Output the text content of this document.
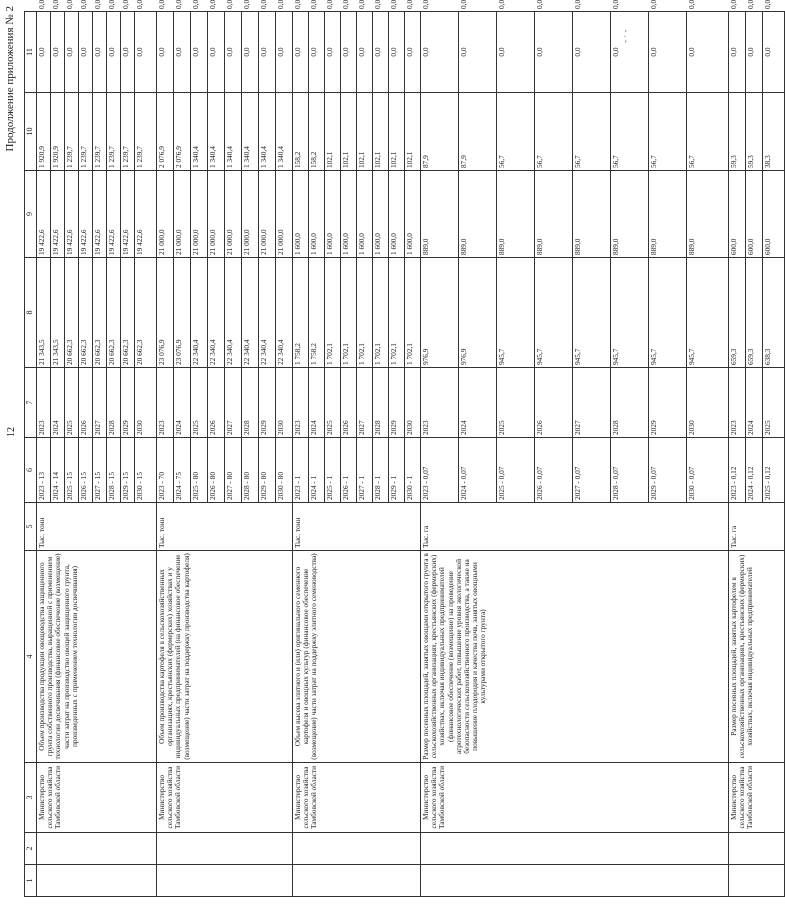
12
Продолжение приложения № 2	- · -
1	2	3	4	5	6	7	8	9	10	11	
		Министерство сельского хозяйства Тамбовской области	Объем производства продукции овощеводства защищенного грунта собственного производства, выращенной с применением технологии досвечивания (финансовое обеспечение (возмещение) части затрат на производство овощей защищенного грунта, произведенных с применением технологии досвечивания)	Тыс. тонн	2023 - 13	2023	21 343,5	19 422,6	1 920,9	0,0	0,0
					2024 - 14	2024	21 343,5	19 422,6	1 920,9	0,0	0,0
					2025 - 15	2025	20 662,3	19 422,6	1 239,7	0,0	0,0
					2026 - 15	2026	20 662,3	19 422,6	1 239,7	0,0	0,0
					2027 - 15	2027	20 662,3	19 422,6	1 239,7	0,0	0,0
					2028 - 15	2028	20 662,3	19 422,6	1 239,7	0,0	0,0
					2029 - 15	2029	20 662,3	19 422,6	1 239,7	0,0	0,0
					2030 - 15	2030	20 662,3	19 422,6	1 239,7	0,0	0,0
		Министерство сельского хозяйства Тамбовской области	Объем производства картофеля в сельскохозяйственных организациях, крестьянских (фермерских) хозяйствах и у индивидуальных предпринимателей (на финансовое обеспечение (возмещение) части затрат на поддержку производства картофеля)	Тыс. тонн	2023 - 70	2023	23 076,9	21 000,0	2 076,9	0,0	0,0
					2024 - 75	2024	23 076,9	21 000,0	2 076,9	0,0	0,0
					2025 - 80	2025	22 340,4	21 000,0	1 340,4	0,0	0,0
					2026 - 80	2026	22 340,4	21 000,0	1 340,4	0,0	0,0
					2027 - 80	2027	22 340,4	21 000,0	1 340,4	0,0	0,0
					2028 - 80	2028	22 340,4	21 000,0	1 340,4	0,0	0,0
					2029 - 80	2029	22 340,4	21 000,0	1 340,4	0,0	0,0
					2030 - 80	2030	22 340,4	21 000,0	1 340,4	0,0	0,0
		Министерство сельского хозяйства Тамбовской области	Объем высева элитного и (или) оригинального семенного картофеля и овощных культур (финансовое обеспечение (возмещение) части затрат на поддержку элитного семеноводства)	Тыс. тонн	2023 - 1	2023	1 758,2	1 600,0	158,2	0,0	0,0
					2024 - 1	2024	1 758,2	1 600,0	158,2	0,0	0,0
					2025 - 1	2025	1 702,1	1 600,0	102,1	0,0	0,0
					2026 - 1	2026	1 702,1	1 600,0	102,1	0,0	0,0
					2027 - 1	2027	1 702,1	1 600,0	102,1	0,0	0,0
					2028 - 1	2028	1 702,1	1 600,0	102,1	0,0	0,0
					2029 - 1	2029	1 702,1	1 600,0	102,1	0,0	0,0
					2030 - 1	2030	1 702,1	1 600,0	102,1	0,0	0,0
		Министерство сельского хозяйства Тамбовской области	Размер посевных площадей, занятых овощами открытого грунта в сельскохозяйственных организациях, крестьянских (фермерских) хозяйствах, включая индивидуальных предпринимателей (финансовое обеспечение (возмещение) на проведение агротехнологических работ, повышение уровня экологической безопасности сельскохозяйственного производства, а также на повышение плодородия и качества почв, занятых овощными культурами открытого грунта)	Тыс. га	2023 - 0,07	2023	976,9	889,0	87,9	0,0	0,0
					2024 - 0,07	2024	976,9	889,0	87,9	0,0	0,0
					2025 - 0,07	2025	945,7	889,0	56,7	0,0	0,0
					2026 - 0,07	2026	945,7	889,0	56,7	0,0	0,0
					2027 - 0,07	2027	945,7	889,0	56,7	0,0	0,0
					2028 - 0,07	2028	945,7	889,0	56,7	0,0	0,0
					2029 - 0,07	2029	945,7	889,0	56,7	0,0	0,0
					2030 - 0,07	2030	945,7	889,0	56,7	0,0	0,0
		Министерство сельского хозяйства Тамбовской области	Размер посевных площадей, занятых картофелем в сельскохозяйственных организациях, крестьянских (фермерских) хозяйствах, включая индивидуальных предпринимателей	Тыс. га	2023 - 0,12	2023	659,3	600,0	59,3	0,0	0,0
					2024 - 0,12	2024	659,3	600,0	59,3	0,0	0,0
					2025 - 0,12	2025	638,3	600,0	38,3	0,0	0,0
